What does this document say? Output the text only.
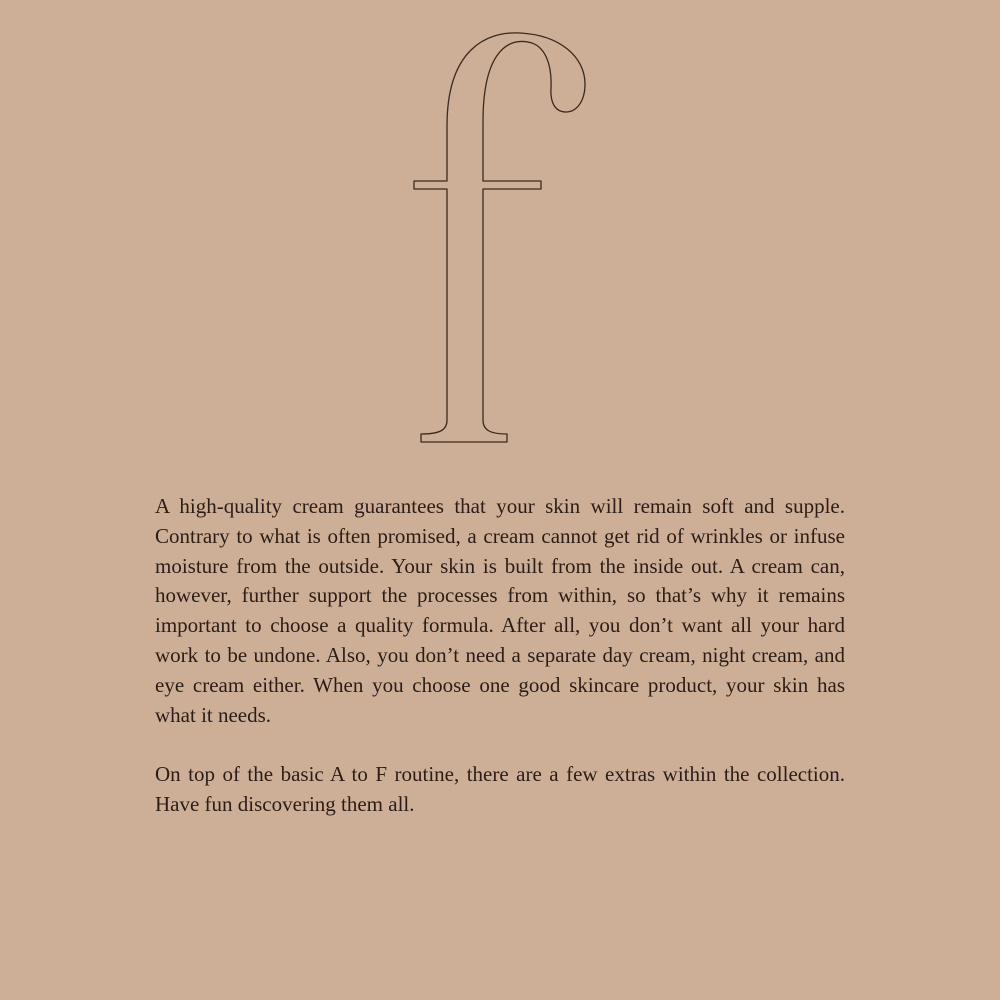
A high-quality cream guarantees that your skin will remain soft and supple. Contrary to what is often promised, a cream cannot get rid of wrinkles or infuse moisture from the outside. Your skin is built from the inside out. A cream can, however, further support the processes from within, so that’s why it remains important to choose a quality formula. After all, you don’t want all your hard work to be undone. Also, you don’t need a separate day cream, night cream, and eye cream either. When you choose one good skincare product, your skin has what it needs.

On top of the basic A to F routine, there are a few extras within the collection. Have fun discovering them all.
